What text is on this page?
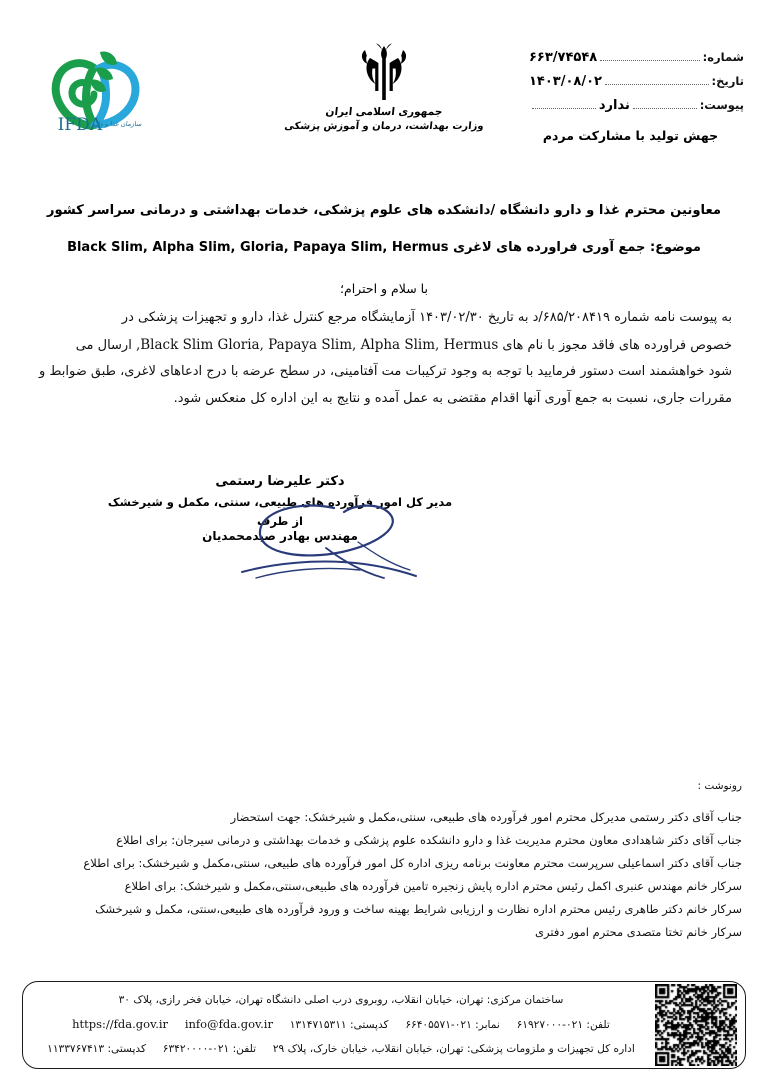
شماره:
۶۶۳/۷۴۵۴۸
تاریخ:
۱۴۰۳/۰۸/۰۲
پیوست:
ندارد
جهش تولید با مشارکت مردم
جمهوری اسلامی ایران
وزارت بهداشت، درمان و آموزش پزشکی
IFDA
سازمان غذا و دارو
معاونین محترم غذا و دارو دانشگاه /دانشکده های علوم پزشکی، خدمات بهداشتی و درمانی سراسر کشور
موضوع: جمع آوری فراورده های لاغری Black Slim, Alpha Slim, Gloria, Papaya Slim, Hermus
با سلام و احترام؛

به پیوست نامه شماره ۶۸۵/۲۰۸۴۱۹/د به تاریخ ۱۴۰۳/۰۲/۳۰ آزمایشگاه مرجع کنترل غذا، دارو و تجهیزات پزشکی در

خصوص فراورده های فاقد مجوز با نام های Black Slim Gloria, Papaya Slim, Alpha Slim, Hermus, ارسال می

شود خواهشمند است دستور فرمایید با توجه به وجود ترکیبات مت آفتامینی، در سطح عرضه با درج ادعاهای لاغری، طبق ضوابط و

مقررات جاری، نسبت به جمع آوری آنها اقدام مقتضی به عمل آمده و نتایج به این اداره کل منعکس شود.

دکتر علیرضا رستمی
مدیر کل امور فرآورده های طبیعی، سنتی، مکمل و شیرخشک
از طرف
مهندس بهادر صیدمحمدیان
رونوشت :
جناب آقای دکتر رستمی مدیرکل محترم امور فرآورده های طبیعی، سنتی،مکمل و شیرخشک: جهت استحضار
جناب آقای دکتر شاهدادی معاون محترم مدیریت غذا و دارو دانشکده علوم پزشکی و خدمات بهداشتی و درمانی سیرجان: برای اطلاع
جناب آقای دکتر اسماعیلی سرپرست محترم معاونت برنامه ریزی اداره کل امور فرآورده های طبیعی، سنتی،مکمل و شیرخشک: برای اطلاع
سرکار خانم مهندس عنبری اکمل رئیس محترم اداره پایش زنجیره تامین فرآورده های طبیعی،سنتی،مکمل و شیرخشک: برای اطلاع
سرکار خانم دکتر طاهری رئیس محترم اداره نظارت و ارزیابی شرایط بهینه ساخت و ورود فرآورده های طبیعی،سنتی، مکمل و شیرخشک
سرکار خانم تختا متصدی محترم امور دفتری
ساختمان مرکزی: تهران، خیابان انقلاب، روبروی درب اصلی دانشگاه تهران، خیابان فخر رازی، پلاک ۳۰
تلفن: ۰۲۱-۶۱۹۲۷۰۰۰  نمابر: ۰۲۱-۶۶۴۰۵۵۷۱  کدپستی: ۱۳۱۴۷۱۵۳۱۱  info@fda.gov.ir  https://fda.gov.ir
اداره کل تجهیزات و ملزومات پزشکی: تهران، خیابان انقلاب، خیابان خارک، پلاک ۲۹  تلفن: ۰۲۱-۶۳۴۲۰۰۰۰  کدپستی: ۱۱۳۳۷۶۷۴۱۳
